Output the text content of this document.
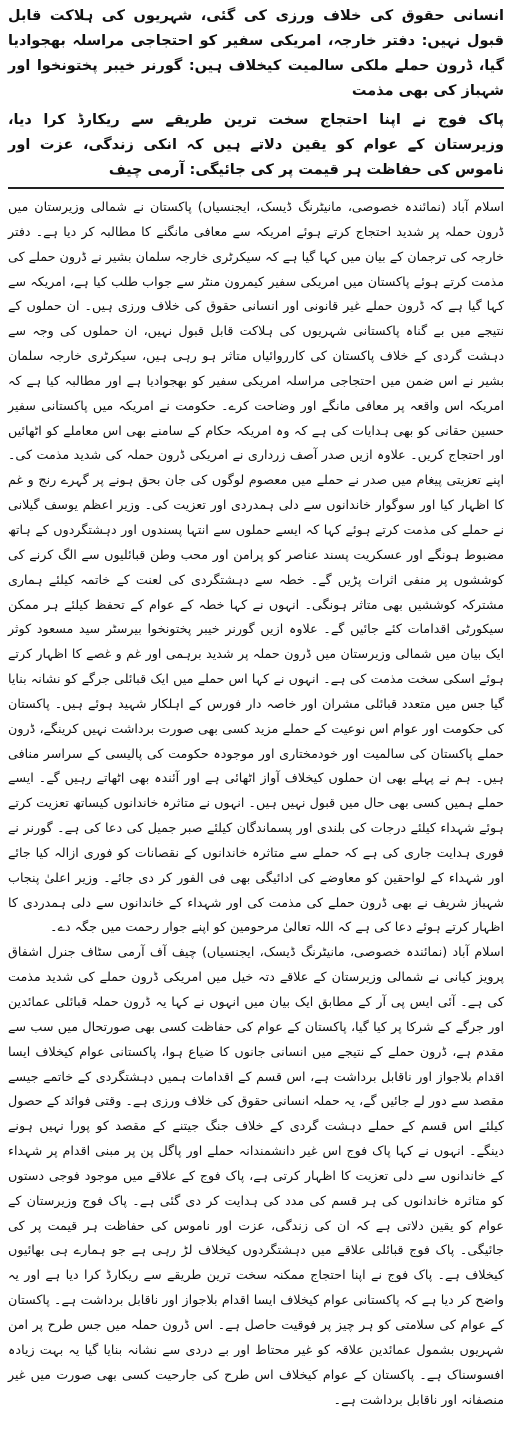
انسانی حقوق کی خلاف ورزی کی گئی، شہریوں کی ہلاکت قابل قبول نہیں: دفتر خارجہ، امریکی سفیر کو احتجاجی مراسلہ بھجوادیا گیا، ڈرون حملے ملکی سالمیت کیخلاف ہیں: گورنر خیبر پختونخوا اور شہباز کی بھی مذمت

پاک فوج نے اپنا احتجاج سخت ترین طریقے سے ریکارڈ کرا دیا، وزیرستان کے عوام کو یقین دلاتے ہیں کہ انکی زندگی، عزت اور ناموس کی حفاظت ہر قیمت پر کی جائیگی: آرمی چیف

اسلام آباد (نمائندہ خصوصی، مانیٹرنگ ڈیسک، ایجنسیاں) پاکستان نے شمالی وزیرستان میں ڈرون حملہ پر شدید احتجاج کرتے ہوئے امریکہ سے معافی مانگنے کا مطالبہ کر دیا ہے۔ دفتر خارجہ کی ترجمان کے بیان میں کہا گیا ہے کہ سیکرٹری خارجہ سلمان بشیر نے ڈرون حملے کی مذمت کرتے ہوئے پاکستان میں امریکی سفیر کیمرون منٹر سے جواب طلب کیا ہے، امریکہ سے کہا گیا ہے کہ ڈرون حملے غیر قانونی اور انسانی حقوق کی خلاف ورزی ہیں۔ ان حملوں کے نتیجے میں بے گناہ پاکستانی شہریوں کی ہلاکت قابل قبول نہیں، ان حملوں کی وجہ سے دہشت گردی کے خلاف پاکستان کی کارروائیاں متاثر ہو رہی ہیں، سیکرٹری خارجہ سلمان بشیر نے اس ضمن میں احتجاجی مراسلہ امریکی سفیر کو بھجوادیا ہے اور مطالبہ کیا ہے کہ امریکہ اس واقعہ پر معافی مانگے اور وضاحت کرے۔ حکومت نے امریکہ میں پاکستانی سفیر حسین حقانی کو بھی ہدایات کی ہے کہ وہ امریکہ حکام کے سامنے بھی اس معاملے کو اٹھائیں اور احتجاج کریں۔ علاوہ ازیں صدر آصف زرداری نے امریکی ڈرون حملہ کی شدید مذمت کی۔ اپنے تعزیتی پیغام میں صدر نے حملے میں معصوم لوگوں کی جان بحق ہونے پر گہرے رنج و غم کا اظہار کیا اور سوگوار خاندانوں سے دلی ہمدردی اور تعزیت کی۔ وزیر اعظم یوسف گیلانی نے حملے کی مذمت کرتے ہوئے کہا کہ ایسے حملوں سے انتہا پسندوں اور دہشتگردوں کے ہاتھ مضبوط ہونگے اور عسکریت پسند عناصر کو پرامن اور محب وطن قبائلیوں سے الگ کرنے کی کوششوں پر منفی اثرات پڑیں گے۔ خطہ سے دہشتگردی کی لعنت کے خاتمہ کیلئے ہماری مشترکہ کوششیں بھی متاثر ہونگی۔ انہوں نے کہا خطہ کے عوام کے تحفظ کیلئے ہر ممکن سیکورٹی اقدامات کئے جائیں گے۔ علاوہ ازیں گورنر خیبر پختونخوا بیرسٹر سید مسعود کوثر ایک بیان میں شمالی وزیرستان میں ڈرون حملہ پر شدید برہمی اور غم و غصے کا اظہار کرتے ہوئے اسکی سخت مذمت کی ہے۔ انہوں نے کہا اس حملے میں ایک قبائلی جرگے کو نشانہ بنایا گیا جس میں متعدد قبائلی مشران اور خاصہ دار فورس کے اہلکار شہید ہوئے ہیں۔ پاکستان کی حکومت اور عوام اس نوعیت کے حملے مزید کسی بھی صورت برداشت نہیں کرینگے، ڈرون حملے پاکستان کی سالمیت اور خودمختاری اور موجودہ حکومت کی پالیسی کے سراسر منافی ہیں۔ ہم نے پہلے بھی ان حملوں کیخلاف آواز اٹھائی ہے اور آئندہ بھی اٹھاتے رہیں گے۔ ایسے حملے ہمیں کسی بھی حال میں قبول نہیں ہیں۔ انہوں نے متاثرہ خاندانوں کیساتھ تعزیت کرتے ہوئے شہداء کیلئے درجات کی بلندی اور پسماندگان کیلئے صبر جمیل کی دعا کی ہے۔ گورنر نے فوری ہدایت جاری کی ہے کہ حملے سے متاثرہ خاندانوں کے نقصانات کو فوری ازالہ کیا جائے اور شہداء کے لواحقین کو معاوضے کی ادائیگی بھی فی الفور کر دی جائے۔ وزیر اعلیٰ پنجاب شہباز شریف نے بھی ڈرون حملے کی مذمت کی اور شہداء کے خاندانوں سے دلی ہمدردی کا اظہار کرتے ہوئے دعا کی ہے کہ اللہ تعالیٰ مرحومین کو اپنے جوار رحمت میں جگہ دے۔

اسلام آباد (نمائندہ خصوصی، مانیٹرنگ ڈیسک، ایجنسیاں) چیف آف آرمی سٹاف جنرل اشفاق پرویز کیانی نے شمالی وزیرستان کے علاقے دتہ خیل میں امریکی ڈرون حملے کی شدید مذمت کی ہے۔ آئی ایس پی آر کے مطابق ایک بیان میں انہوں نے کہا یہ ڈرون حملہ قبائلی عمائدین اور جرگے کے شرکا پر کیا گیا، پاکستان کے عوام کی حفاظت کسی بھی صورتحال میں سب سے مقدم ہے، ڈرون حملے کے نتیجے میں انسانی جانوں کا ضیاع ہوا، پاکستانی عوام کیخلاف ایسا اقدام بلاجواز اور ناقابل برداشت ہے، اس قسم کے اقدامات ہمیں دہشتگردی کے خاتمے جیسے مقصد سے دور لے جائیں گے، یہ حملہ انسانی حقوق کی خلاف ورزی ہے۔ وقتی فوائد کے حصول کیلئے اس قسم کے حملے دہشت گردی کے خلاف جنگ جیتنے کے مقصد کو پورا نہیں ہونے دینگے۔ انہوں نے کہا پاک فوج اس غیر دانشمندانہ حملے اور پاگل پن پر مبنی اقدام پر شہداء کے خاندانوں سے دلی تعزیت کا اظہار کرتی ہے، پاک فوج کے علاقے میں موجود فوجی دستوں کو متاثرہ خاندانوں کی ہر قسم کی مدد کی ہدایت کر دی گئی ہے۔ پاک فوج وزیرستان کے عوام کو یقین دلاتی ہے کہ ان کی زندگی، عزت اور ناموس کی حفاظت ہر قیمت پر کی جائیگی۔ پاک فوج قبائلی علاقے میں دہشتگردوں کیخلاف لڑ رہی ہے جو ہمارے ہی بھائیوں کیخلاف ہے۔ پاک فوج نے اپنا احتجاج ممکنہ سخت ترین طریقے سے ریکارڈ کرا دیا ہے اور یہ واضح کر دیا ہے کہ پاکستانی عوام کیخلاف ایسا اقدام بلاجواز اور ناقابل برداشت ہے۔ پاکستان کے عوام کی سلامتی کو ہر چیز پر فوقیت حاصل ہے۔ اس ڈرون حملہ میں جس طرح پر امن شہریوں بشمول عمائدین علاقہ کو غیر محتاط اور بے دردی سے نشانہ بنایا گیا یہ بہت زیادہ افسوسناک ہے۔ پاکستان کے عوام کیخلاف اس طرح کی جارحیت کسی بھی صورت میں غیر منصفانہ اور ناقابل برداشت ہے۔
